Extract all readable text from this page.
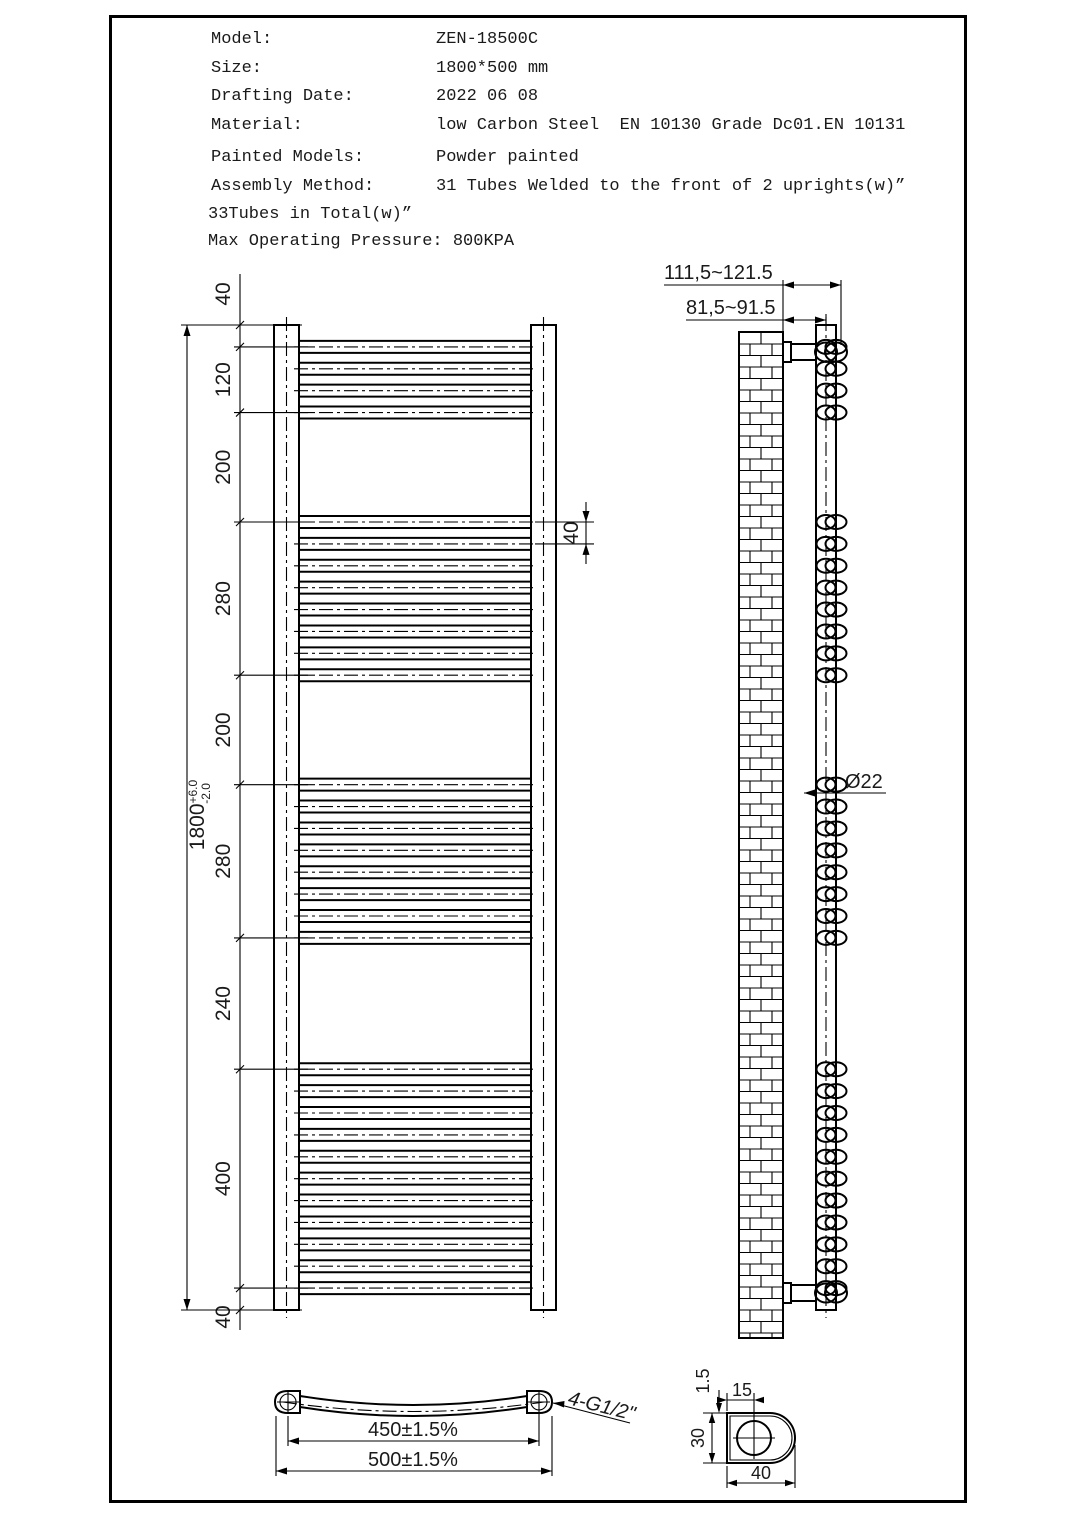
Model:	ZEN-18500C
Size:	1800*500 mm
Drafting Date:	2022 06 08
Material:	low Carbon Steel  EN 10130 Grade Dc01.EN 10131
Painted Models:	Powder painted
Assembly Method:	31 Tubes Welded to the front of 2 uprights(w)”
33Tubes in Total(w)”
Max Operating Pressure: 800KPA
40
120
200
280
200
280
240
400
40
$1800^{+6.0}-2.0$
40
111,5~121.5
81,5~91.5
Ø22
450±1.5%
500±1.5%
4-G1/2"
1.5 15
30
40
